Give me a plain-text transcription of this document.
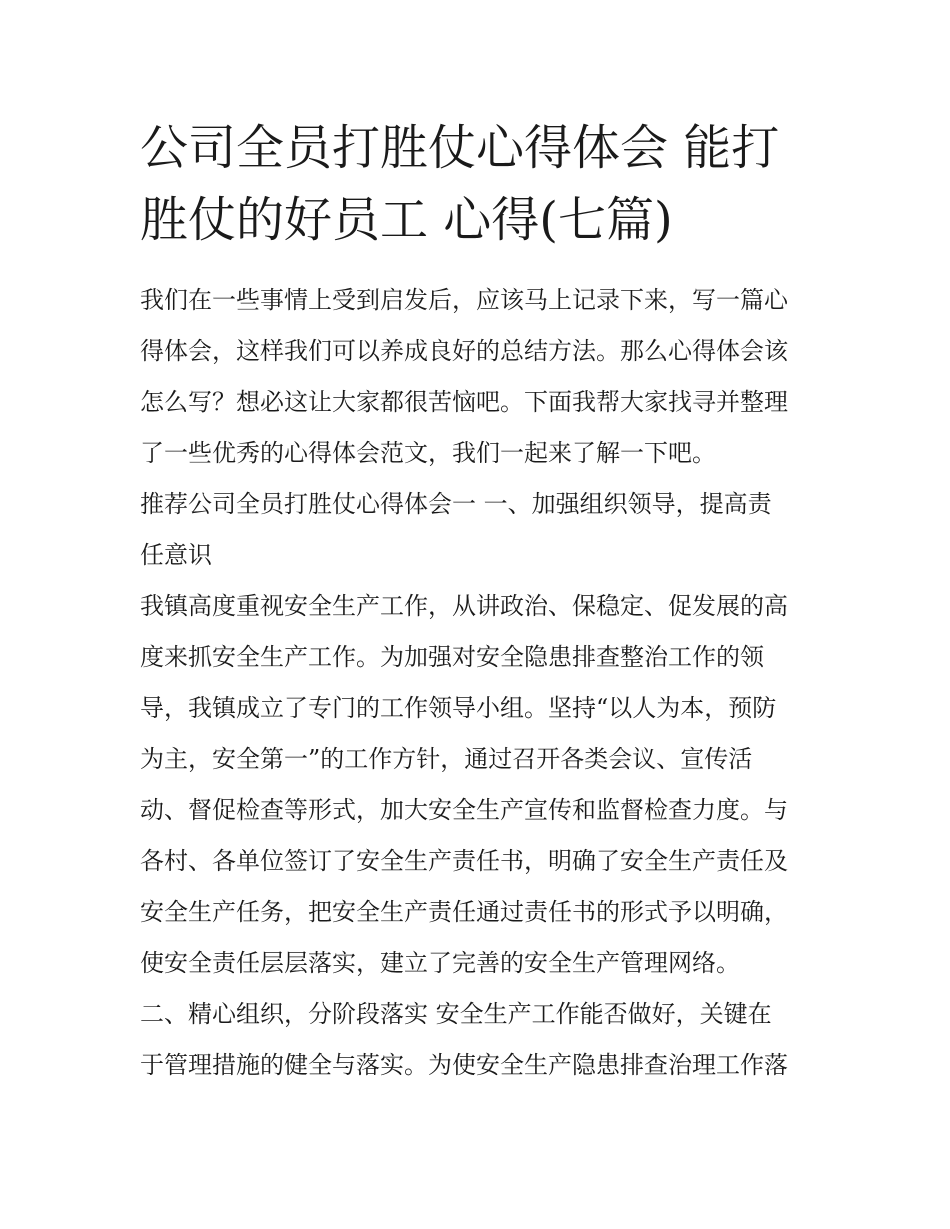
公司全员打胜仗心得体会 能打
胜仗的好员工 心得(七篇)

我们在一些事情上受到启发后，应该马上记录下来，写一篇心

得体会，这样我们可以养成良好的总结方法。那么心得体会该

怎么写？想必这让大家都很苦恼吧。下面我帮大家找寻并整理

了一些优秀的心得体会范文，我们一起来了解一下吧。

推荐公司全员打胜仗心得体会一 一、加强组织领导，提高责

任意识

我镇高度重视安全生产工作，从讲政治、保稳定、促发展的高

度来抓安全生产工作。为加强对安全隐患排查整治工作的领

导，我镇成立了专门的工作领导小组。坚持“以人为本，预防

为主，安全第一”的工作方针，通过召开各类会议、宣传活

动、督促检查等形式，加大安全生产宣传和监督检查力度。与

各村、各单位签订了安全生产责任书，明确了安全生产责任及

安全生产任务，把安全生产责任通过责任书的形式予以明确，

使安全责任层层落实，建立了完善的安全生产管理网络。

二、精心组织，分阶段落实 安全生产工作能否做好，关键在

于管理措施的健全与落实。为使安全生产隐患排查治理工作落
